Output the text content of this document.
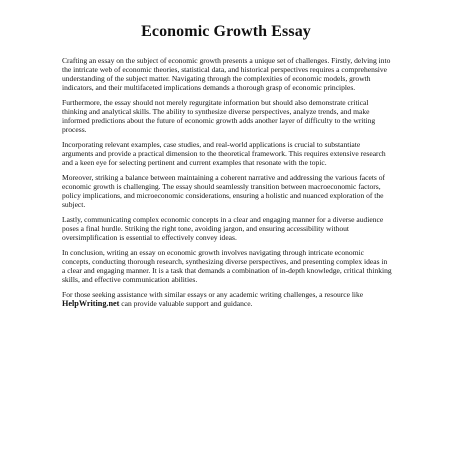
Economic Growth Essay

Crafting an essay on the subject of economic growth presents a unique set of challenges. Firstly, delving into the intricate web of economic theories, statistical data, and historical perspectives requires a comprehensive understanding of the subject matter. Navigating through the complexities of economic models, growth indicators, and their multifaceted implications demands a thorough grasp of economic principles.

Furthermore, the essay should not merely regurgitate information but should also demonstrate critical thinking and analytical skills. The ability to synthesize diverse perspectives, analyze trends, and make informed predictions about the future of economic growth adds another layer of difficulty to the writing process.

Incorporating relevant examples, case studies, and real-world applications is crucial to substantiate arguments and provide a practical dimension to the theoretical framework. This requires extensive research and a keen eye for selecting pertinent and current examples that resonate with the topic.

Moreover, striking a balance between maintaining a coherent narrative and addressing the various facets of economic growth is challenging. The essay should seamlessly transition between macroeconomic factors, policy implications, and microeconomic considerations, ensuring a holistic and nuanced exploration of the subject.

Lastly, communicating complex economic concepts in a clear and engaging manner for a diverse audience poses a final hurdle. Striking the right tone, avoiding jargon, and ensuring accessibility without oversimplification is essential to effectively convey ideas.

In conclusion, writing an essay on economic growth involves navigating through intricate economic concepts, conducting thorough research, synthesizing diverse perspectives, and presenting complex ideas in a clear and engaging manner. It is a task that demands a combination of in-depth knowledge, critical thinking skills, and effective communication abilities.

For those seeking assistance with similar essays or any academic writing challenges, a resource like HelpWriting.net can provide valuable support and guidance.
